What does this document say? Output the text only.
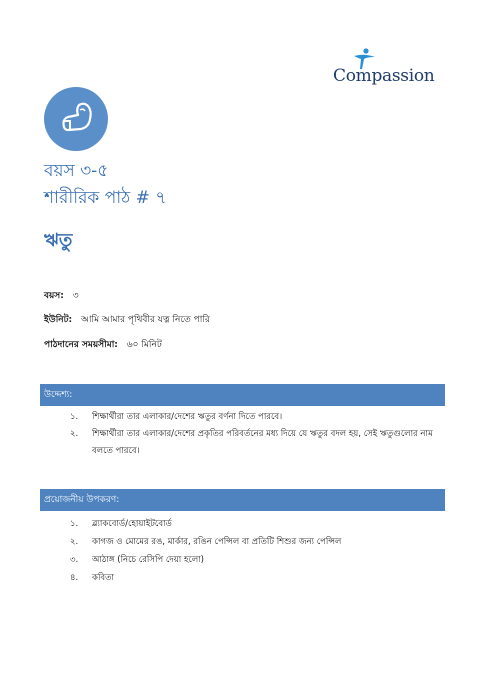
Compassion
বয়স ৩-৫
শারীরিক পাঠ # ৭
ঋতু
বয়স: ৩
ইউনিট: আমি আমার পৃথিবীর যত্ন নিতে পারি
পাঠদানের সময়সীমা: ৬০ মিনিট
উদ্দেশ্য:
১. শিক্ষার্থীরা তার এলাকার/দেশের ঋতুর বর্ণনা দিতে পারবে।
২. শিক্ষার্থীরা তার এলাকার/দেশের প্রকৃতির পরিবর্তনের মধ্য দিয়ে যে ঋতুর বদল হয়, সেই ঋতুগুলোর নাম বলতে পারবে।
প্রয়োজনীয় উপকরণ:
১. ব্ল্যাকবোর্ড/হোয়াইটবোর্ড
২. কাগজ ও মোমের রঙ, মার্কার, রঙিন পেন্সিল বা প্রতিটি শিশুর জন্য পেন্সিল
৩. আঠাঙ্গ (নিচে রেসিপি দেয়া হলো)
৪. কবিতা
